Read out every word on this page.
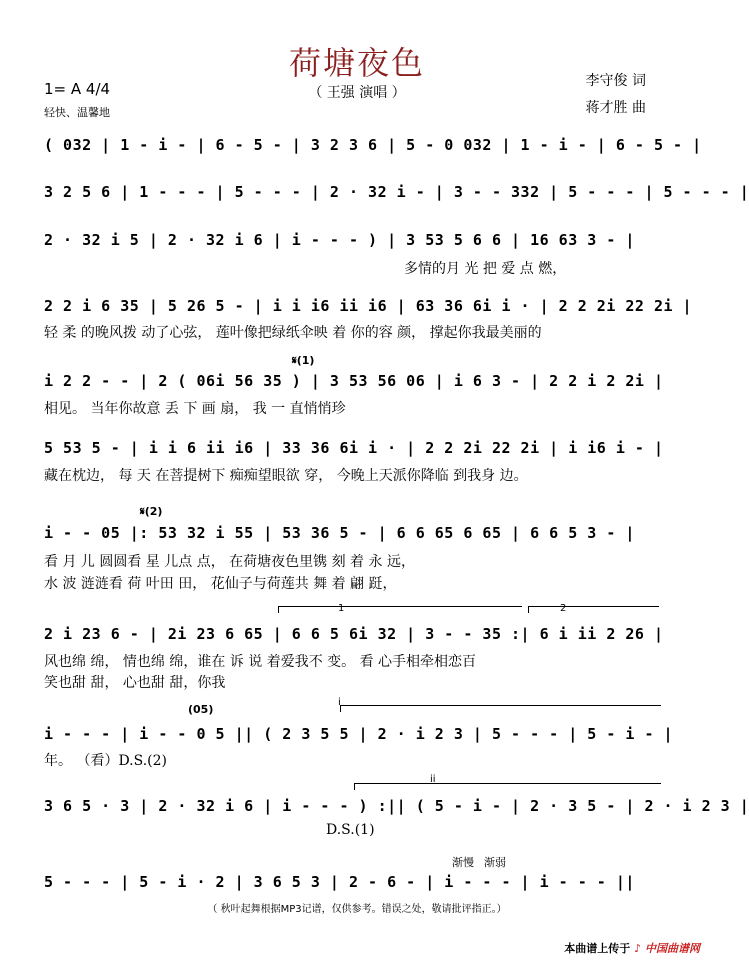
荷塘夜色
（ 王强 演唱 ）
1= A 4/4
轻快、温馨地
李守俊 词
蒋才胜 曲
( 032 | 1 - i - | 6 - 5 - | 3 2 3 6 | 5 - 0 032 | 1 - i - | 6 - 5 - |
3 2 5 6 | 1 - - - | 5 - - - | 2 · 32 i - | 3 - - 332 | 5 - - - | 5 - - - |
2 · 32 i 5 | 2 · 32 i 6 | i - - - ) | 3 53 5 6 6 | 16 63 3 - |
多情的月 光 把 爱 点 燃，
2 2 i 6 35 | 5 26 5 - | i i i6 ii i6 | 63 36 6i i · | 2 2 2i 22 2i |
轻 柔 的晚风拨 动了心弦， 莲叶像把绿纸伞映 着 你的容 颜， 撑起你我最美丽的
𝄋(1)
i 2 2 - - | 2 ( 06i 56 35 ) | 3 53 56 06 | i 6 3 - | 2 2 i 2 2i |
相见。 当年你故意 丢 下 画 扇， 我 一 直悄悄珍
5 53 5 - | i i 6 ii i6 | 33 36 6i i · | 2 2 2i 22 2i | i i6 i - |
藏在枕边， 每 天 在菩提树下 痴痴望眼欲 穿， 今晚上天派你降临 到我身 边。
𝄋(2)
i - - 05 |: 53 32 i 55 | 53 36 5 - | 6 6 65 6 65 | 6 6 5 3 - |
看 月 儿 圆圆看 星 儿点 点， 在荷塘夜色里镌 刻 着 永 远，
水 波 涟涟看 荷 叶田 田， 花仙子与荷莲共 舞 着 翩 跹，
1	2
2 i 23 6 - | 2i 23 6 65 | 6 6 5 6i 32 | 3 - - 35 :| 6 i ii 2 26 |
风也绵 绵， 情也绵 绵，谁在 诉 说 着爱我不 变。 看 心手相牵相恋百
笑也甜 甜， 心也甜 甜，你我
i
(05)
i - - - | i - - 0 5 || ( 2 3 5 5 | 2 · i 2 3 | 5 - - - | 5 - i - |
年。 （看）D.S.(2)
ii
3 6 5 · 3 | 2 · 32 i 6 | i - - - ) :|| ( 5 - i - | 2 · 3 5 - | 2 · i 2 3 |
D.S.(1)
渐慢 渐弱
5 - - - | 5 - i · 2 | 3 6 5 3 | 2 - 6 - | i - - - | i - - - ||
（ 秋叶起舞根据MP3记谱，仅供参考。错误之处，敬请批评指正。）
本曲谱上传于 ♪ 中国曲谱网
